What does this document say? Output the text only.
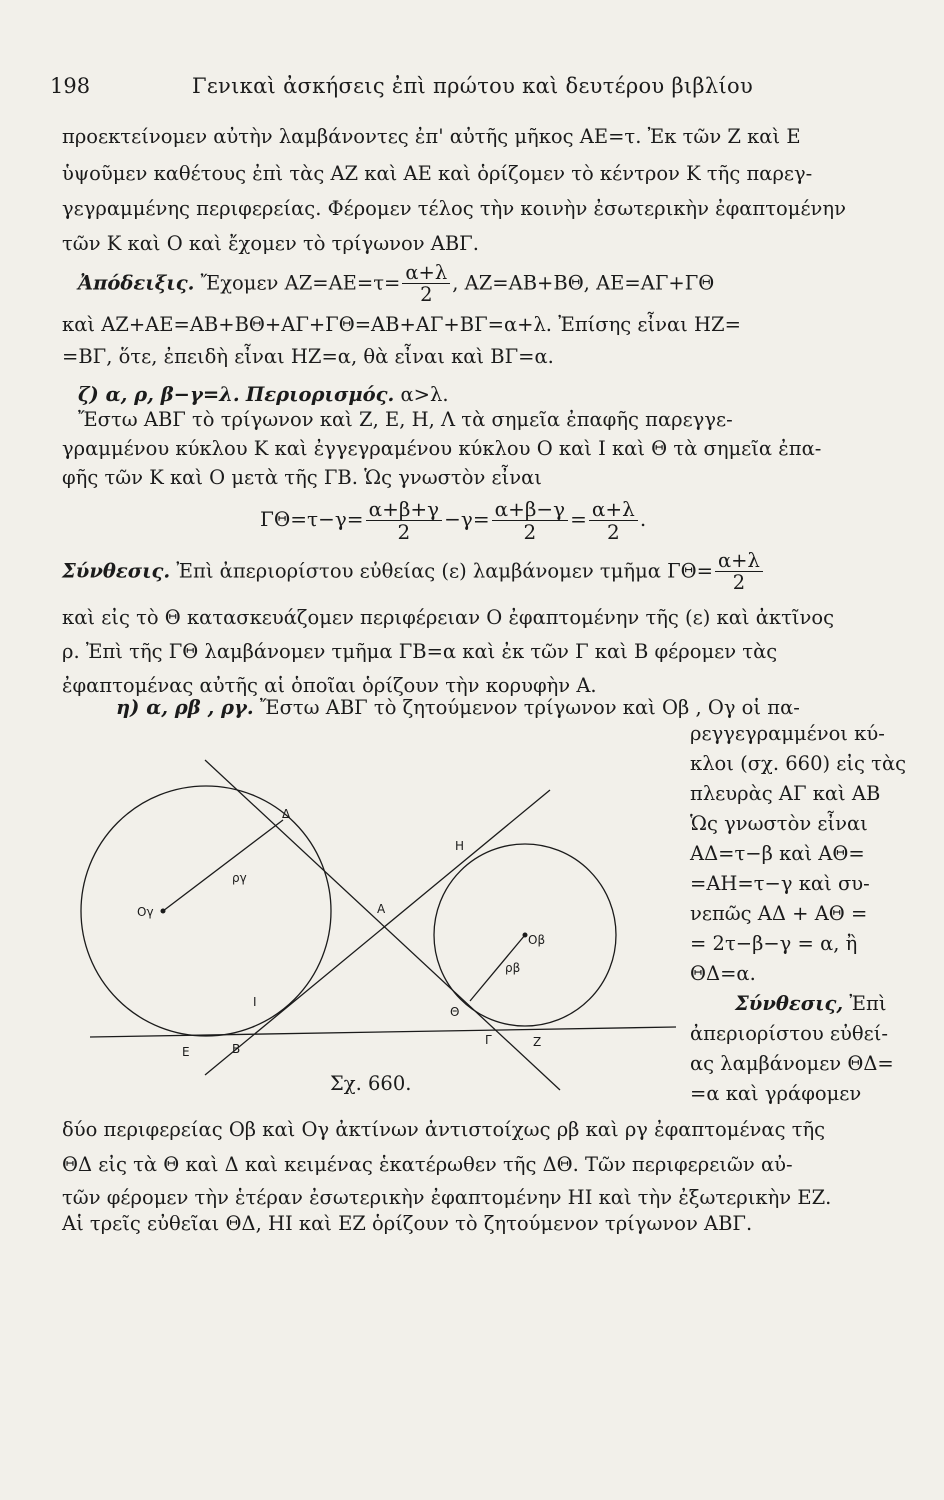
198	Γενικαὶ ἀσκήσεις ἐπὶ πρώτου καὶ δευτέρου βιβλίου
προεκτείνομεν αὐτὴν λαμβάνοντες ἐπ' αὐτῆς μῆκος ΑΕ=τ. Ἐκ τῶν Ζ καὶ Ε
ὑψοῦμεν καθέτους ἐπὶ τὰς ΑΖ καὶ ΑΕ καὶ ὁρίζομεν τὸ κέντρον Κ τῆς παρεγ-
γεγραμμένης περιφερείας. Φέρομεν τέλος τὴν κοινὴν ἐσωτερικὴν ἐφαπτομένην
τῶν Κ καὶ Ο καὶ ἔχομεν τὸ τρίγωνον ΑΒΓ.
Ἀπόδειξις. Ἔχομεν $AZ=AE=\tau= \frac{\alpha+\lambda}{2}$ , ΑΖ=ΑΒ+ΒΘ, ΑΕ=ΑΓ+ΓΘ
καὶ ΑΖ+ΑΕ=ΑΒ+ΒΘ+ΑΓ+ΓΘ=ΑΒ+ΑΓ+ΒΓ=α+λ. Ἐπίσης εἶναι ΗΖ=
=ΒΓ, ὅτε, ἐπειδὴ εἶναι ΗΖ=α, θὰ εἶναι καὶ ΒΓ=α.
ζ) α, ρ, β−γ=λ. Περιορισμός. α>λ.
Ἔστω ΑΒΓ τὸ τρίγωνον καὶ Ζ, Ε, Η, Λ τὰ σημεῖα ἐπαφῆς παρεγγε-
γραμμένου κύκλου Κ καὶ ἐγγεγραμένου κύκλου Ο καὶ Ι καὶ Θ τὰ σημεῖα ἐπα-
φῆς τῶν Κ καὶ Ο μετὰ τῆς ΓΒ. Ὡς γνωστὸν εἶναι
$\Gamma\Theta=\tau-\gamma= \frac{\alpha+\beta+\gamma}{2} -\gamma= \frac{\alpha+\beta-\gamma}{2} = \frac{\alpha+\lambda}{2}$ .
Σύνθεσις. Ἐπὶ ἀπεριορίστου εὐθείας (ε) λαμβάνομεν τμῆμα $\Gamma\Theta= \frac{\alpha+\lambda}{2}$
καὶ εἰς τὸ Θ κατασκευάζομεν περιφέρειαν Ο ἐφαπτομένην τῆς (ε) καὶ ἀκτῖνος
ρ. Ἐπὶ τῆς ΓΘ λαμβάνομεν τμῆμα ΓΒ=α καὶ ἐκ τῶν Γ καὶ Β φέρομεν τὰς
ἐφαπτομένας αὐτῆς αἱ ὁποῖαι ὁρίζουν τὴν κορυφὴν Α.
η) α, ρβ , ργ. Ἔστω ΑΒΓ τὸ ζητούμενον τρίγωνον καὶ Οβ , Ογ οἱ πα-
ρεγγεγραμμένοι κύ-
κλοι (σχ. 660) εἰς τὰς
πλευρὰς ΑΓ καὶ ΑΒ
Ὡς γνωστὸν εἶναι
ΑΔ=τ−β καὶ ΑΘ=
=ΑΗ=τ−γ καὶ συ-
νεπῶς ΑΔ + ΑΘ =
= 2τ−β−γ = α, ἢ
ΘΔ=α.
Σύνθεσις, Ἐπὶ
ἀπεριορίστου εὐθεί-
ας λαμβάνομεν ΘΔ=
=α καὶ γράφομεν
Δ
Ογ
ργ
Α
Η
Οβ
ρβ
Θ
Ι
Ε	Β
Γ	Ζ
Σχ. 660.
δύο περιφερείας Οβ καὶ Ογ ἀκτίνων ἀντιστοίχως ρβ καὶ ργ ἐφαπτομένας τῆς
ΘΔ εἰς τὰ Θ καὶ Δ καὶ κειμένας ἑκατέρωθεν τῆς ΔΘ. Τῶν περιφερειῶν αὐ-
τῶν φέρομεν τὴν ἑτέραν ἐσωτερικὴν ἐφαπτομένην ΗΙ καὶ τὴν ἐξωτερικὴν ΕΖ.
Αἱ τρεῖς εὐθεῖαι ΘΔ, ΗΙ καὶ ΕΖ ὁρίζουν τὸ ζητούμενον τρίγωνον ΑΒΓ.
